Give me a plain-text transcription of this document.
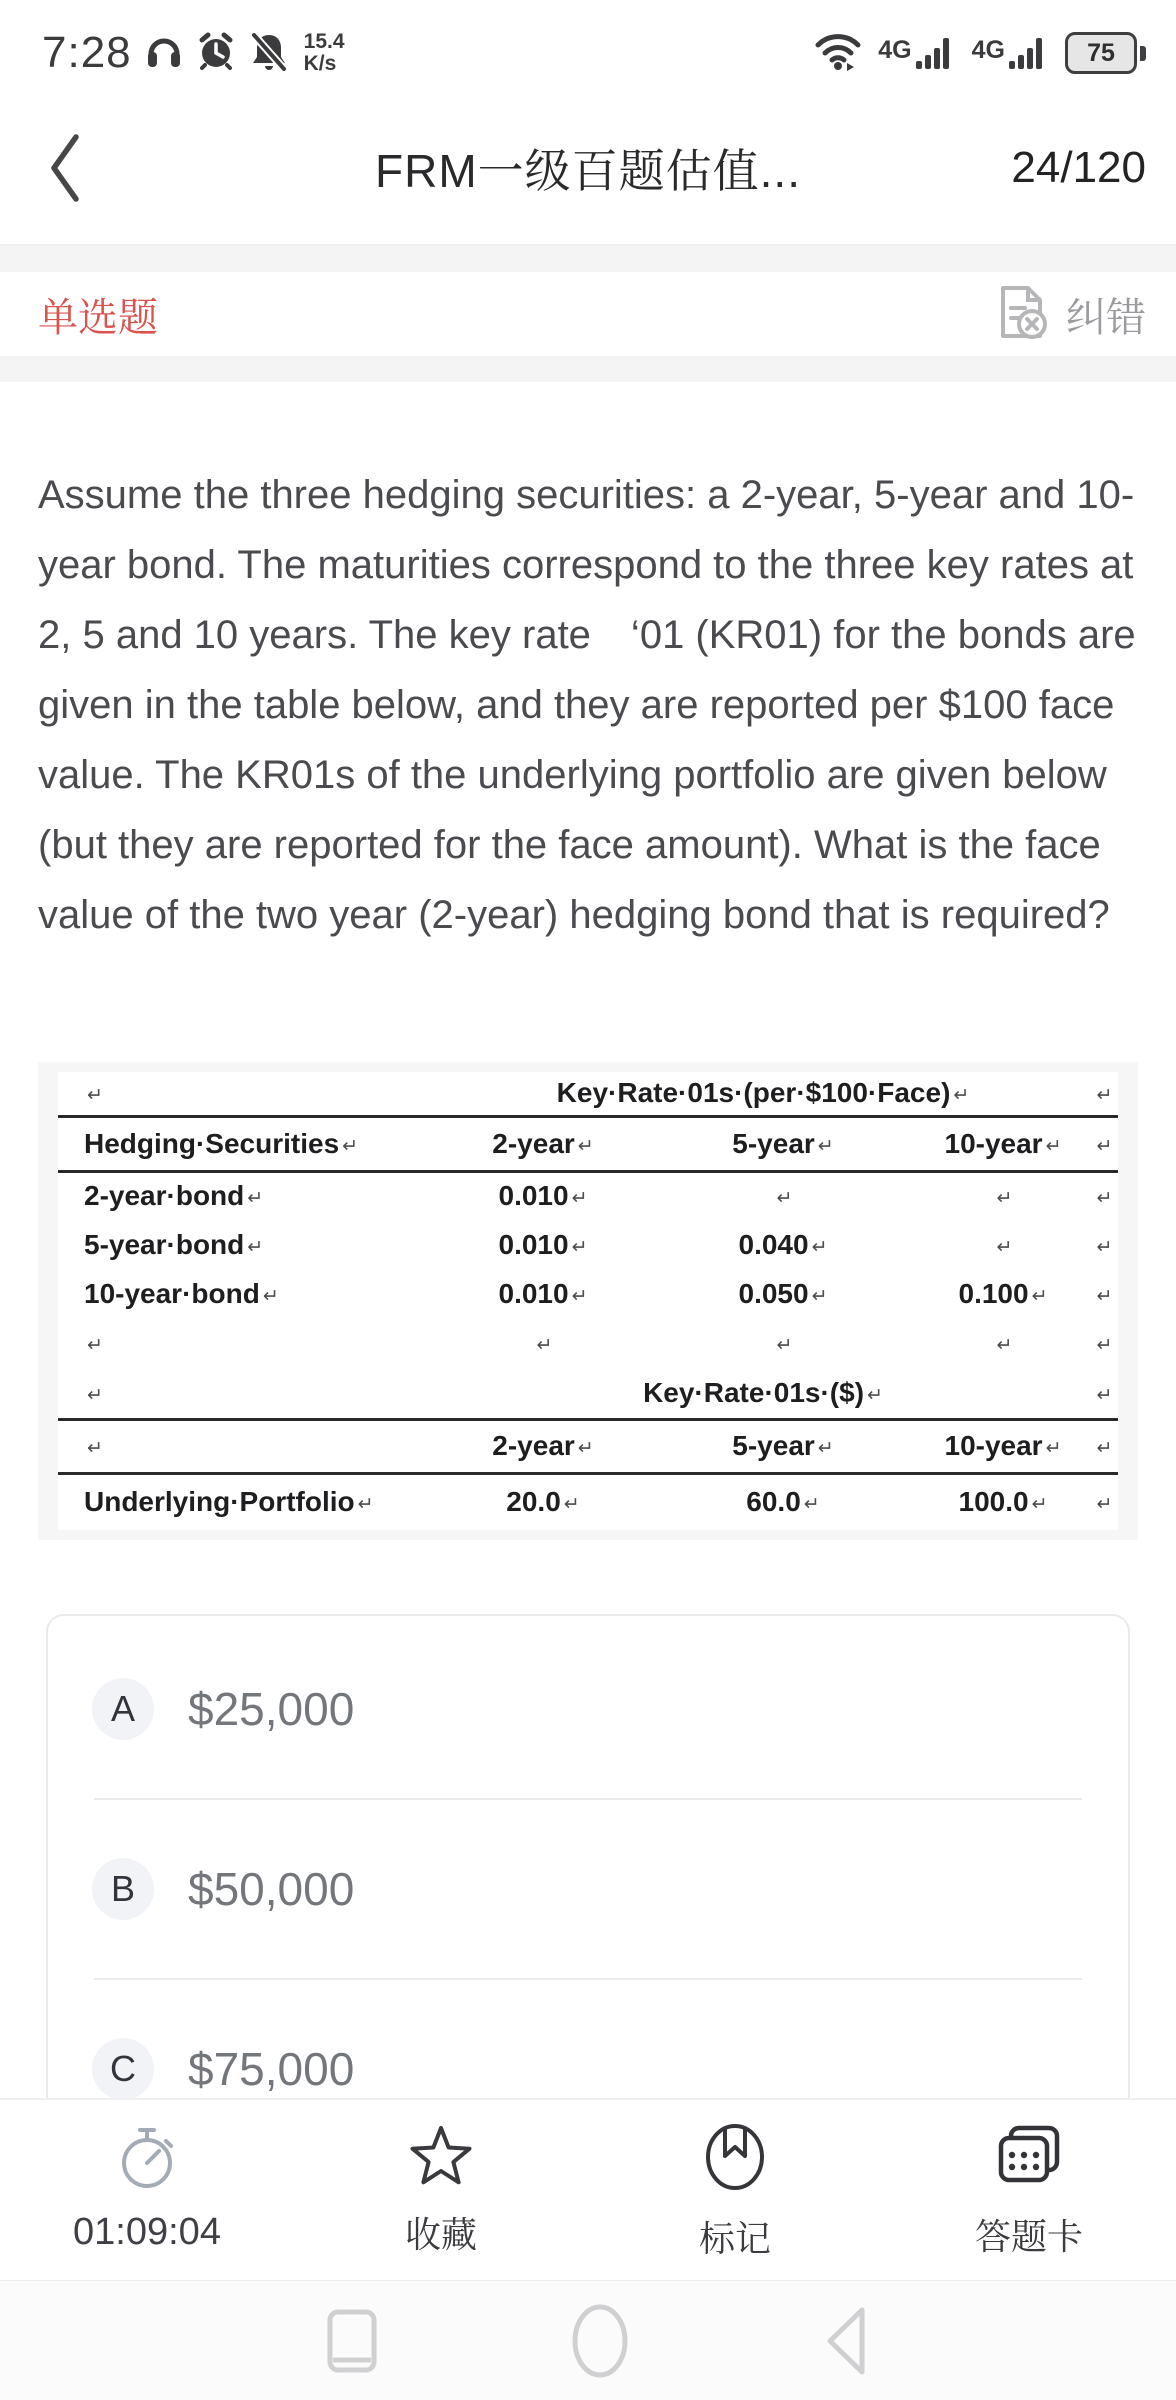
7:28	15.4
K/s	4G 4G	75
FRM一级百题估值...	24/120
单选题	纠错

Assume the three hedging securities: a 2-year, 5-year and 10-year bond. The maturities correspond to the three key rates at 2, 5 and 10 years. The key rate　‘01 (KR01) for the bonds are given in the table below, and they are reported per $100 face value. The KR01s of the underlying portfolio are given below (but they are reported for the face amount). What is the face value of the two year (2-year) hedging bond that is required?

↵	Key·Rate·01s·(per·$100·Face) ↵			↵
Hedging·Securities ↵	2-year ↵	5-year ↵	10-year ↵	↵
2-year·bond ↵	0.010 ↵	↵	↵	↵
5-year·bond ↵	0.010 ↵	0.040 ↵	↵	↵
10-year·bond ↵	0.010 ↵	0.050 ↵	0.100 ↵	↵
↵	↵	↵	↵	↵
↵	Key·Rate·01s·($) ↵			↵
↵	2-year ↵	5-year ↵	10-year ↵	↵
Underlying·Portfolio ↵	20.0 ↵	60.0 ↵	100.0 ↵	↵
A	$25,000
B	$50,000
C	$75,000
01:09:04	收藏	标记	答题卡
